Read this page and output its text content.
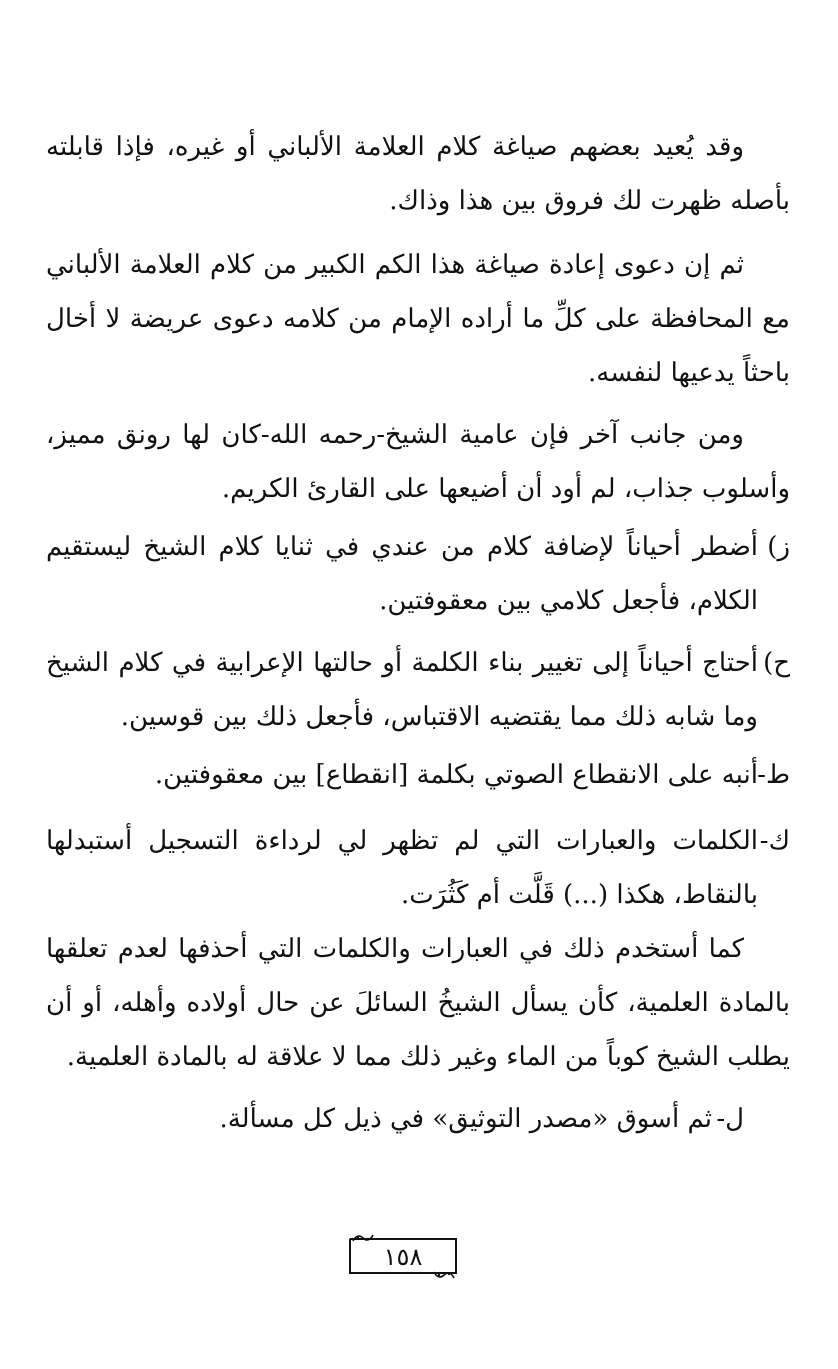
وقد يُعيد بعضهم صياغة كلام العلامة الألباني أو غيره، فإذا قابلته بأصله ظهرت لك فروق بين هذا وذاك.

ثم إن دعوى إعادة صياغة هذا الكم الكبير من كلام العلامة الألباني مع المحافظة على كلِّ ما أراده الإمام من كلامه دعوى عريضة لا أخال باحثاً يدعيها لنفسه.

ومن جانب آخر فإن عامية الشيخ-رحمه الله-كان لها رونق مميز، وأسلوب جذاب، لم أود أن أضيعها على القارئ الكريم.

ز)
أضطر أحياناً لإضافة كلام من عندي في ثنايا كلام الشيخ ليستقيم الكلام، فأجعل كلامي بين معقوفتين.
ح)
أحتاج أحياناً إلى تغيير بناء الكلمة أو حالتها الإعرابية في كلام الشيخ وما شابه ذلك مما يقتضيه الاقتباس، فأجعل ذلك بين قوسين.
ط-
أنبه على الانقطاع الصوتي بكلمة [انقطاع] بين معقوفتين.
ك-
الكلمات والعبارات التي لم تظهر لي لرداءة التسجيل أستبدلها بالنقاط، هكذا (...) قَلَّت أم كَثُرَت.

كما أستخدم ذلك في العبارات والكلمات التي أحذفها لعدم تعلقها بالمادة العلمية، كأن يسأل الشيخُ السائلَ عن حال أولاده وأهله، أو أن يطلب الشيخ كوباً من الماء وغير ذلك مما لا علاقة له بالمادة العلمية.

ل-
ثم أسوق «مصدر التوثيق» في ذيل كل مسألة.
١٥٨
